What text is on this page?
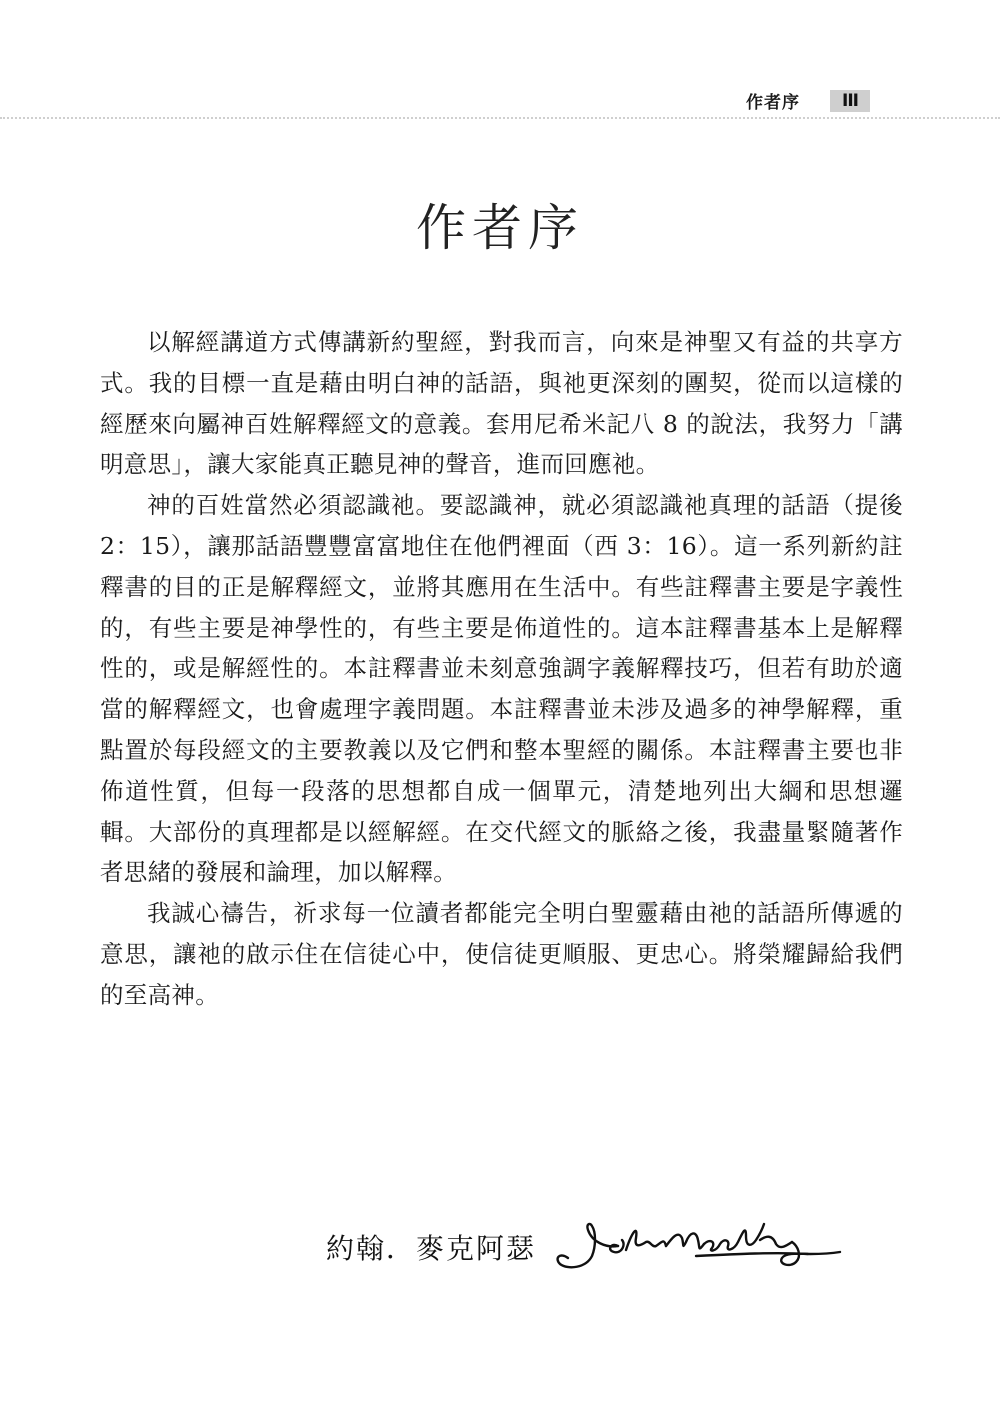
作者序	III
作者序

以解經講道方式傳講新約聖經，對我而言，向來是神聖又有益的共享方式。我的目標一直是藉由明白神的話語，與祂更深刻的團契，從而以這樣的經歷來向屬神百姓解釋經文的意義。套用尼希米記八 8 的說法，我努力「講明意思」，讓大家能真正聽見神的聲音，進而回應祂。

神的百姓當然必須認識祂。要認識神，就必須認識祂真理的話語（提後 2：15），讓那話語豐豐富富地住在他們裡面（西 3：16）。這一系列新約註釋書的目的正是解釋經文，並將其應用在生活中。有些註釋書主要是字義性的，有些主要是神學性的，有些主要是佈道性的。這本註釋書基本上是解釋性的，或是解經性的。本註釋書並未刻意強調字義解釋技巧，但若有助於適當的解釋經文，也會處理字義問題。本註釋書並未涉及過多的神學解釋，重點置於每段經文的主要教義以及它們和整本聖經的關係。本註釋書主要也非佈道性質，但每一段落的思想都自成一個單元，清楚地列出大綱和思想邏輯。大部份的真理都是以經解經。在交代經文的脈絡之後，我盡量緊隨著作者思緒的發展和論理，加以解釋。

我誠心禱告，祈求每一位讀者都能完全明白聖靈藉由祂的話語所傳遞的意思，讓祂的啟示住在信徒心中，使信徒更順服、更忠心。將榮耀歸給我們的至高神。

約翰．麥克阿瑟
